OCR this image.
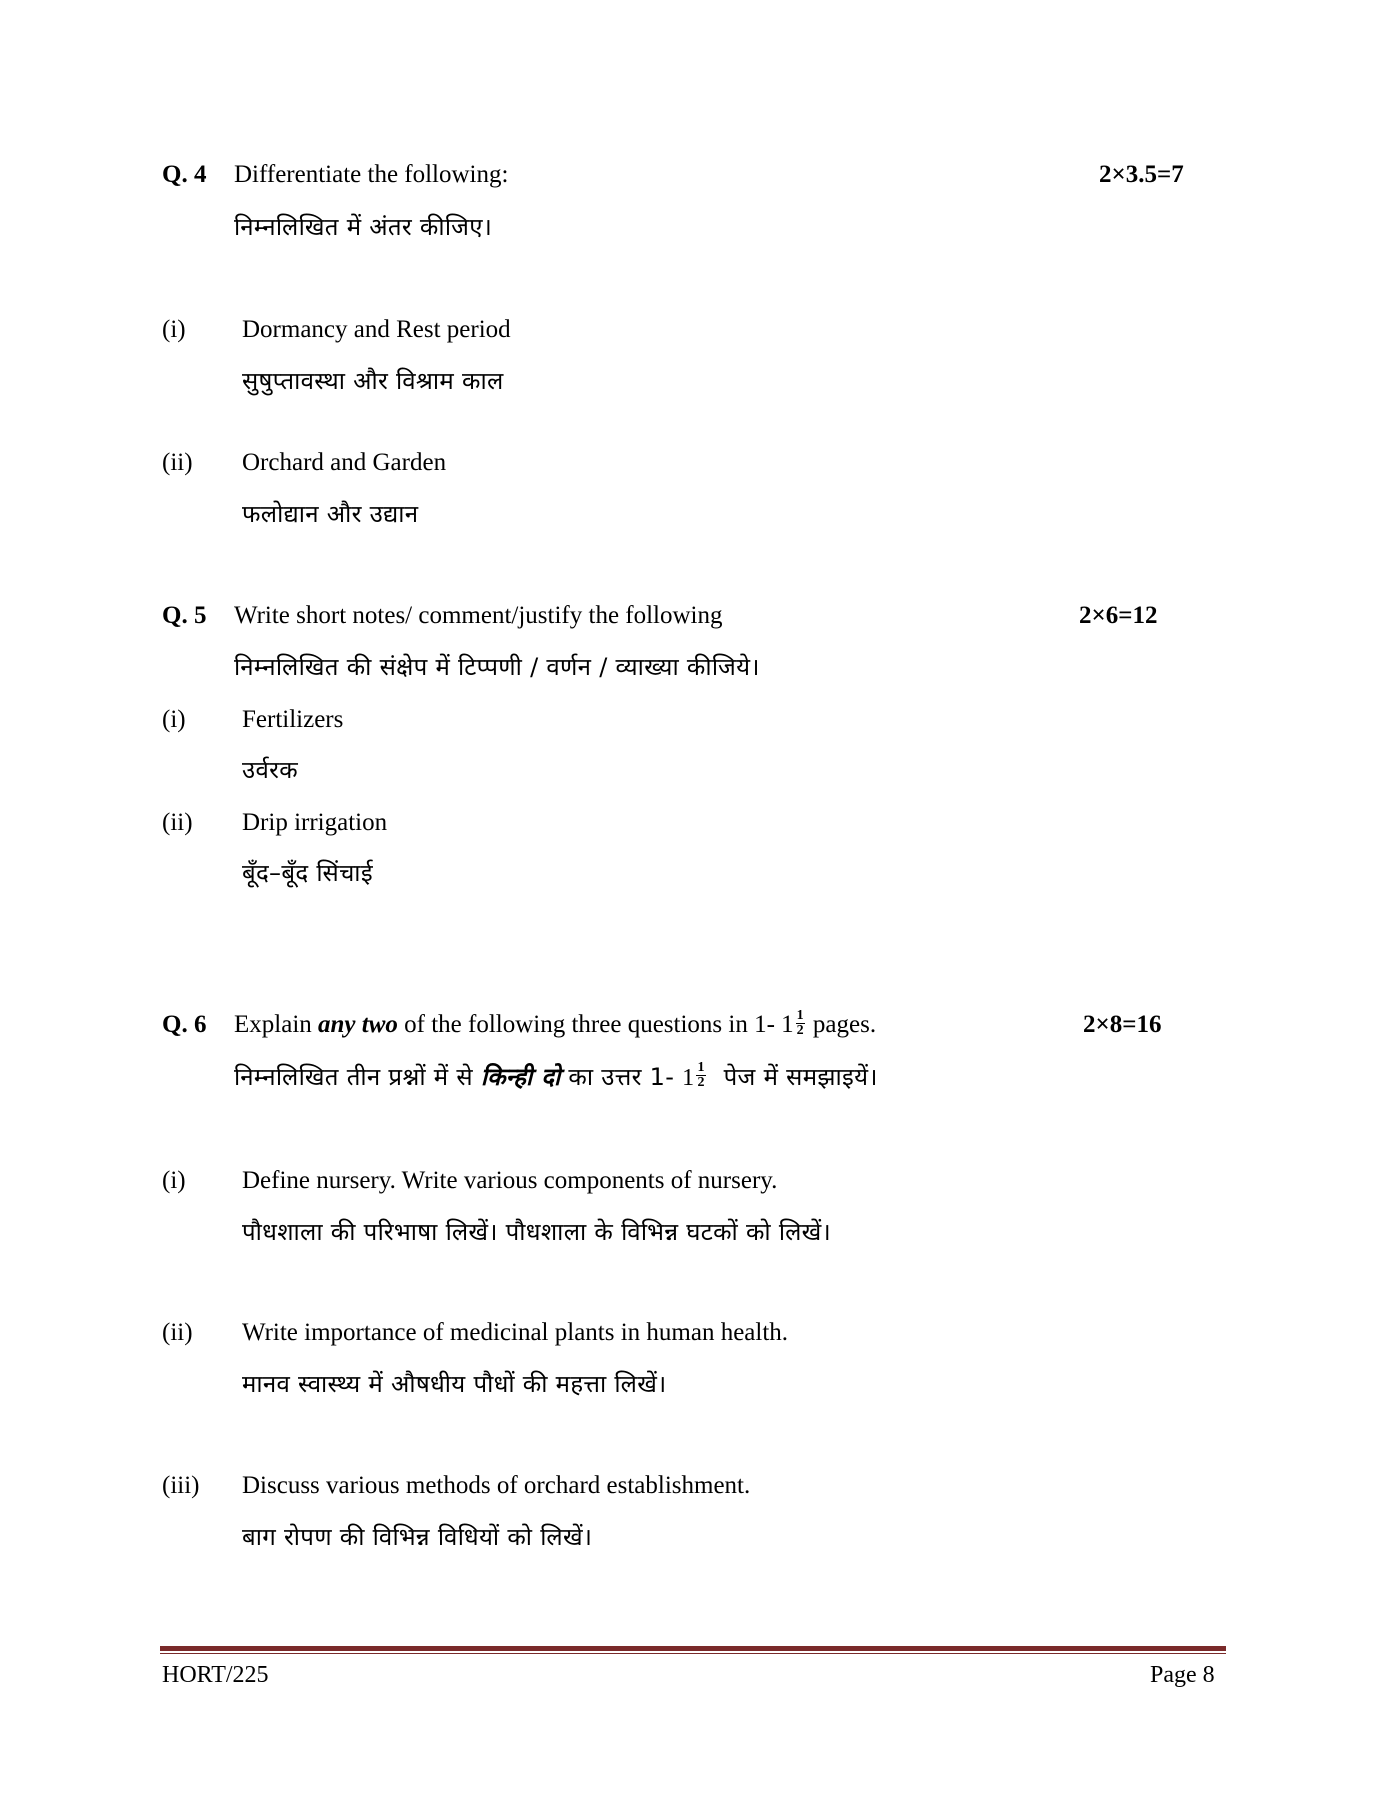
Q. 4 Differentiate the following:	2×3.5=7
निम्नलिखित में अंतर कीजिए।
(i) Dormancy and Rest period
सुषुप्तावस्था और विश्राम काल
(ii) Orchard and Garden
फलोद्यान और उद्यान
Q. 5 Write short notes/ comment/justify the following	2×6=12
निम्नलिखित की संक्षेप में टिप्पणी / वर्णन / व्याख्या कीजिये।
(i) Fertilizers
उर्वरक
(ii) Drip irrigation
बूँद–बूँद सिंचाई
Q. 6 Explain any two of the following three questions in 1- $1 \frac{1}{2}$ pages.	2×8=16
निम्नलिखित तीन प्रश्नों में से किन्ही दो का उत्तर 1- $1 \frac{1}{2}$ पेज में समझाइयें।
(i) Define nursery. Write various components of nursery.
पौधशाला की परिभाषा लिखें। पौधशाला के विभिन्न घटकों को लिखें।
(ii) Write importance of medicinal plants in human health.
मानव स्वास्थ्य में औषधीय पौधों की महत्ता लिखें।
(iii) Discuss various methods of orchard establishment.
बाग रोपण की विभिन्न विधियों को लिखें।
HORT/225	Page 8
